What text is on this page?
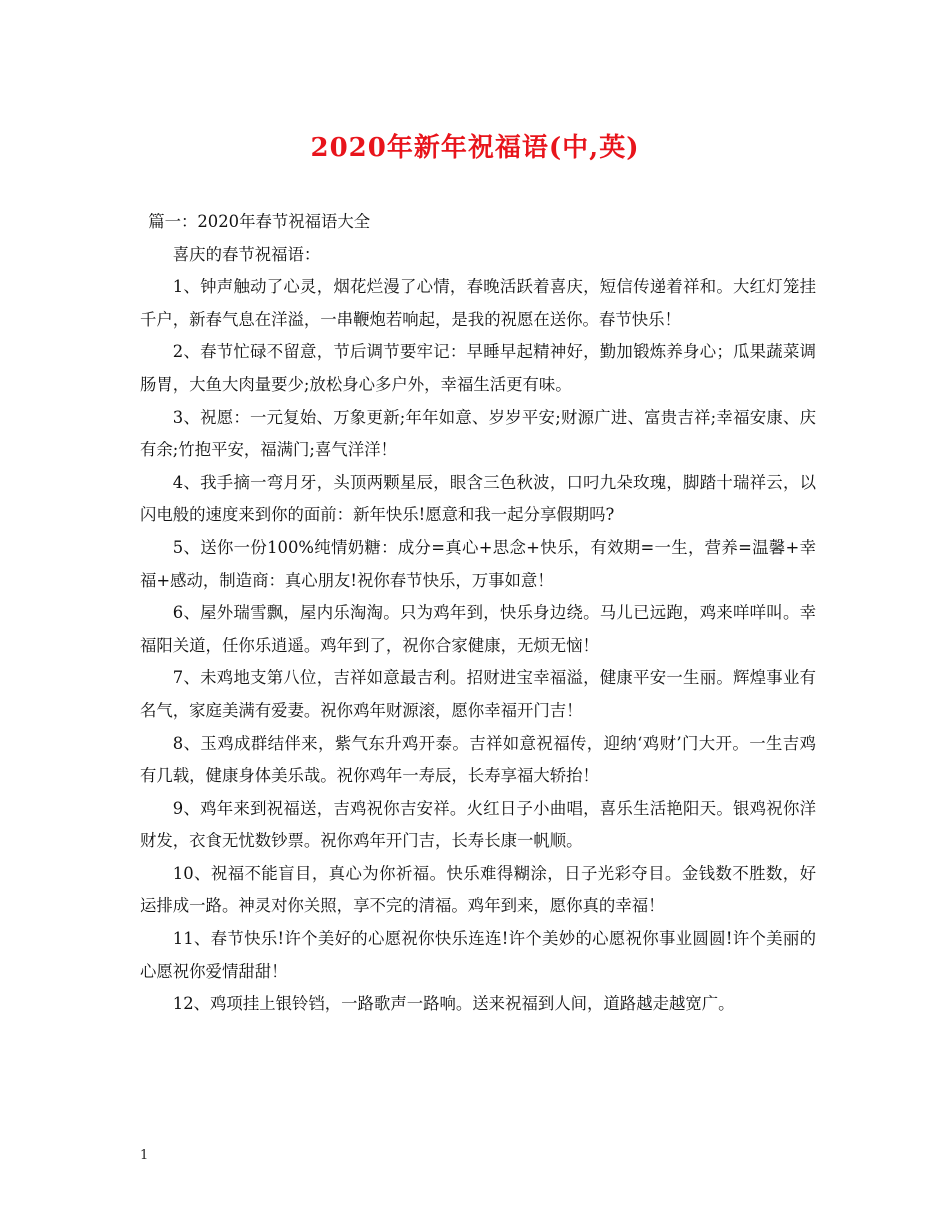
2020年新年祝福语(中,英)

篇一：2020年春节祝福语大全

喜庆的春节祝福语：

1、钟声触动了心灵，烟花烂漫了心情，春晚活跃着喜庆，短信传递着祥和。大红灯笼挂千户，新春气息在洋溢，一串鞭炮若响起，是我的祝愿在送你。春节快乐！

2、春节忙碌不留意，节后调节要牢记：早睡早起精神好，勤加锻炼养身心；瓜果蔬菜调肠胃，大鱼大肉量要少;放松身心多户外，幸福生活更有味。

3、祝愿：一元复始、万象更新;年年如意、岁岁平安;财源广进、富贵吉祥;幸福安康、庆有余;竹抱平安，福满门;喜气洋洋！

4、我手摘一弯月牙，头顶两颗星辰，眼含三色秋波，口叼九朵玫瑰，脚踏十瑞祥云，以闪电般的速度来到你的面前：新年快乐!愿意和我一起分享假期吗?

5、送你一份100%纯情奶糖：成分=真心+思念+快乐，有效期=一生，营养=温馨+幸福+感动，制造商：真心朋友!祝你春节快乐，万事如意！

6、屋外瑞雪飘，屋内乐淘淘。只为鸡年到，快乐身边绕。马儿已远跑，鸡来咩咩叫。幸福阳关道，任你乐逍遥。鸡年到了，祝你合家健康，无烦无恼！

7、未鸡地支第八位，吉祥如意最吉利。招财进宝幸福溢，健康平安一生丽。辉煌事业有名气，家庭美满有爱妻。祝你鸡年财源滚，愿你幸福开门吉！

8、玉鸡成群结伴来，紫气东升鸡开泰。吉祥如意祝福传，迎纳‘鸡财’门大开。一生吉鸡有几载，健康身体美乐哉。祝你鸡年一寿辰，长寿享福大轿抬！

9、鸡年来到祝福送，吉鸡祝你吉安祥。火红日子小曲唱，喜乐生活艳阳天。银鸡祝你洋财发，衣食无忧数钞票。祝你鸡年开门吉，长寿长康一帆顺。

10、祝福不能盲目，真心为你祈福。快乐难得糊涂，日子光彩夺目。金钱数不胜数，好运排成一路。神灵对你关照，享不完的清福。鸡年到来，愿你真的幸福！

11、春节快乐!许个美好的心愿祝你快乐连连!许个美妙的心愿祝你事业圆圆!许个美丽的心愿祝你爱情甜甜！

12、鸡项挂上银铃铛，一路歌声一路响。送来祝福到人间，道路越走越宽广。

1
